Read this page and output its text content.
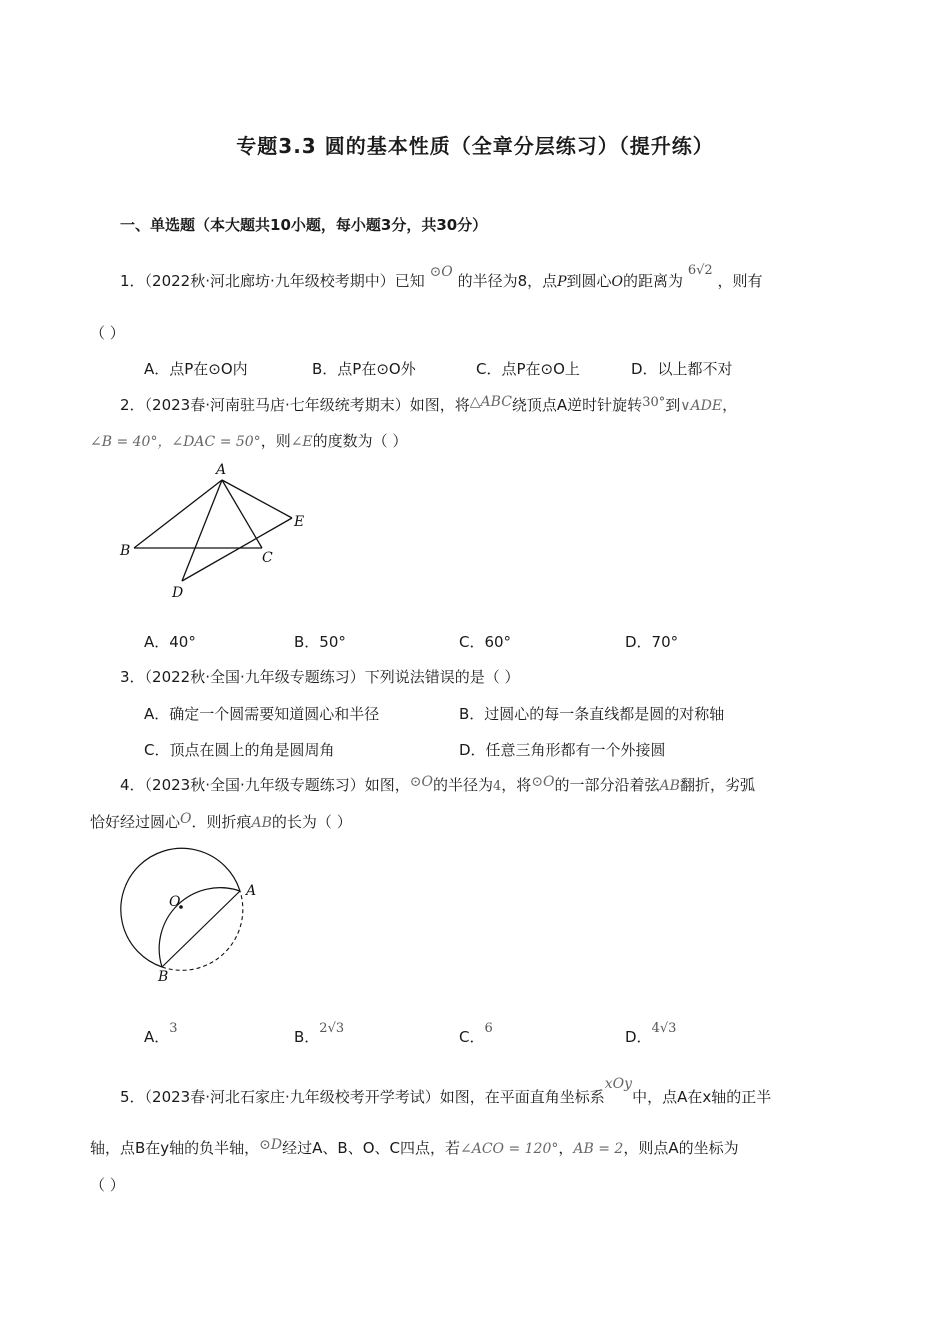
专题3.3 圆的基本性质（全章分层练习）（提升练）
一、单选题（本大题共10小题，每小题3分，共30分）
1．（2022秋·河北廊坊·九年级校考期中）已知 ⊙O 的半径为8，点P到圆心O的距离为 6√2 ，则有
（ ）
A．点P在⊙O内	B．点P在⊙O外	C．点P在⊙O上	D．以上都不对
2．（2023春·河南驻马店·七年级统考期末）如图，将△ABC绕顶点A逆时针旋转30°到∨ADE，
∠B = 40°，∠DAC = 50°，则∠E的度数为（ ）
A
B	C
D
E
A．40°	B．50°	C．60°	D．70°
3．（2022秋·全国·九年级专题练习）下列说法错误的是（ ）
A．确定一个圆需要知道圆心和半径	B．过圆心的每一条直线都是圆的对称轴
C．顶点在圆上的角是圆周角	D．任意三角形都有一个外接圆
4．（2023秋·全国·九年级专题练习）如图，⊙O的半径为4，将⊙O的一部分沿着弦AB翻折，劣弧
恰好经过圆心O．则折痕AB的长为（ ）
O
A
B
A．3	B．2√3	C．6	D．4√3
5．（2023春·河北石家庄·九年级校考开学考试）如图，在平面直角坐标系xOy中，点A在x轴的正半
轴，点B在y轴的负半轴，⊙D经过A、B、O、C四点，若∠ACO = 120°，AB = 2，则点A的坐标为
（ ）
